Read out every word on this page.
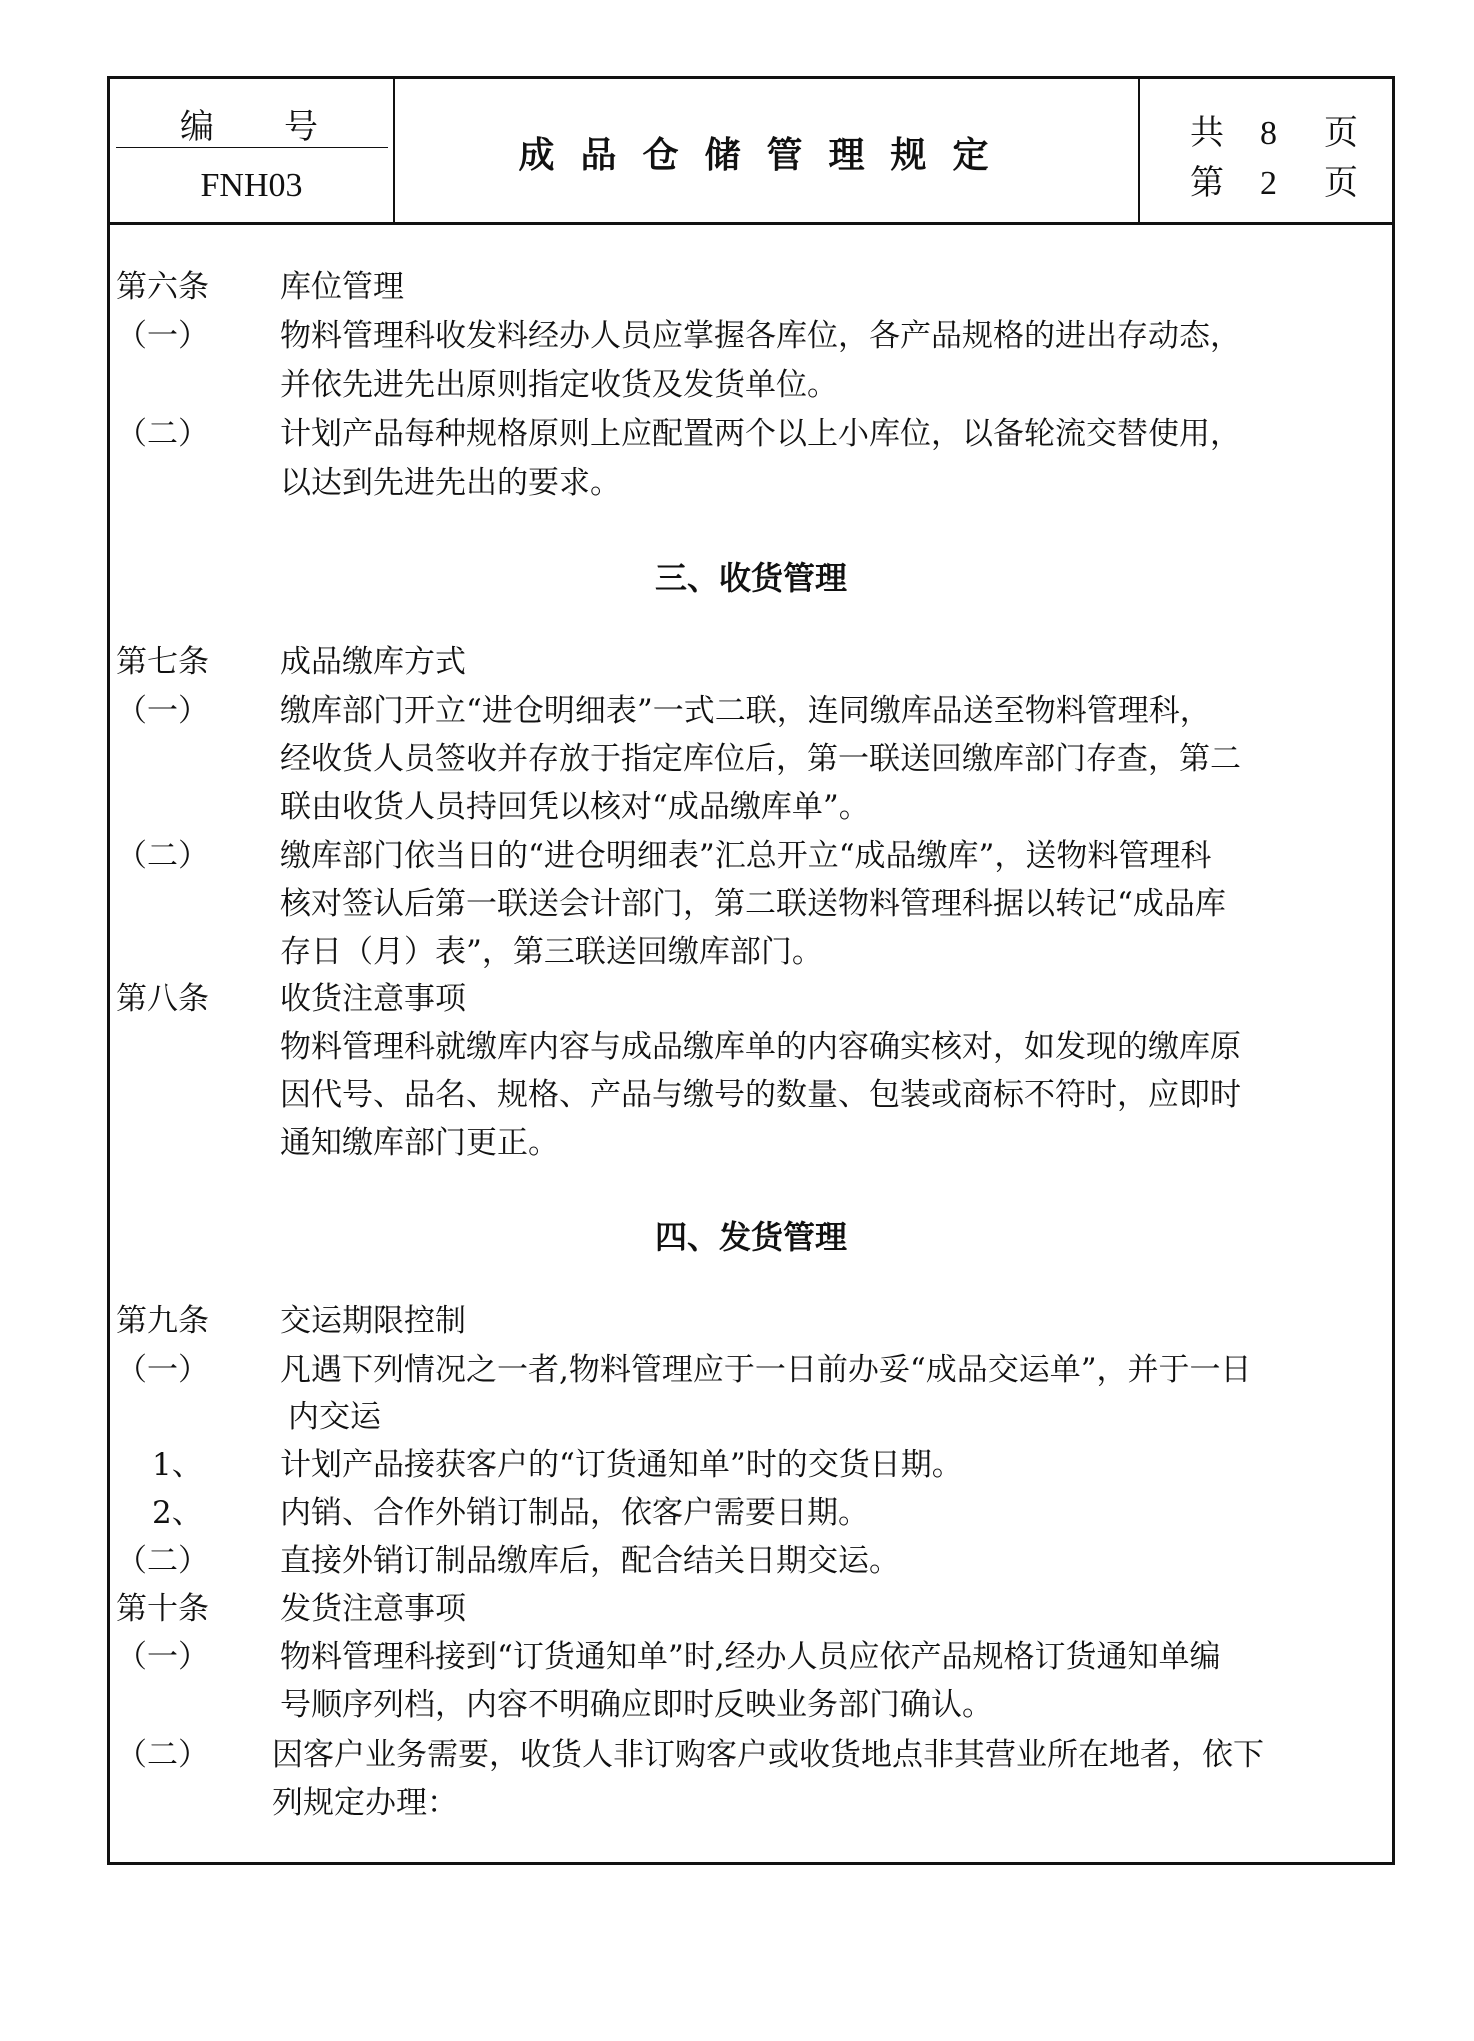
编 号
FNH03
成品仓储管理规定
共 8 页
第 2 页
第六条 库位管理
（一） 物料管理科收发料经办人员应掌握各库位，各产品规格的进出存动态，
并依先进先出原则指定收货及发货单位。
（二） 计划产品每种规格原则上应配置两个以上小库位，以备轮流交替使用，
以达到先进先出的要求。
三、收货管理
第七条 成品缴库方式
（一） 缴库部门开立“进仓明细表”一式二联，连同缴库品送至物料管理科，
经收货人员签收并存放于指定库位后，第一联送回缴库部门存查，第二
联由收货人员持回凭以核对“成品缴库单”。
（二） 缴库部门依当日的“进仓明细表”汇总开立“成品缴库”，送物料管理科
核对签认后第一联送会计部门，第二联送物料管理科据以转记“成品库
存日（月）表”，第三联送回缴库部门。
第八条 收货注意事项
物料管理科就缴库内容与成品缴库单的内容确实核对，如发现的缴库原
因代号、品名、规格、产品与缴号的数量、包装或商标不符时，应即时
通知缴库部门更正。
四、发货管理
第九条 交运期限控制
（一） 凡遇下列情况之一者,物料管理应于一日前办妥“成品交运单”，并于一日
内交运
1、 计划产品接获客户的“订货通知单”时的交货日期。
2、 内销、合作外销订制品，依客户需要日期。
（二） 直接外销订制品缴库后，配合结关日期交运。
第十条 发货注意事项
（一） 物料管理科接到“订货通知单”时,经办人员应依产品规格订货通知单编
号顺序列档，内容不明确应即时反映业务部门确认。
（二） 因客户业务需要，收货人非订购客户或收货地点非其营业所在地者，依下
列规定办理：
